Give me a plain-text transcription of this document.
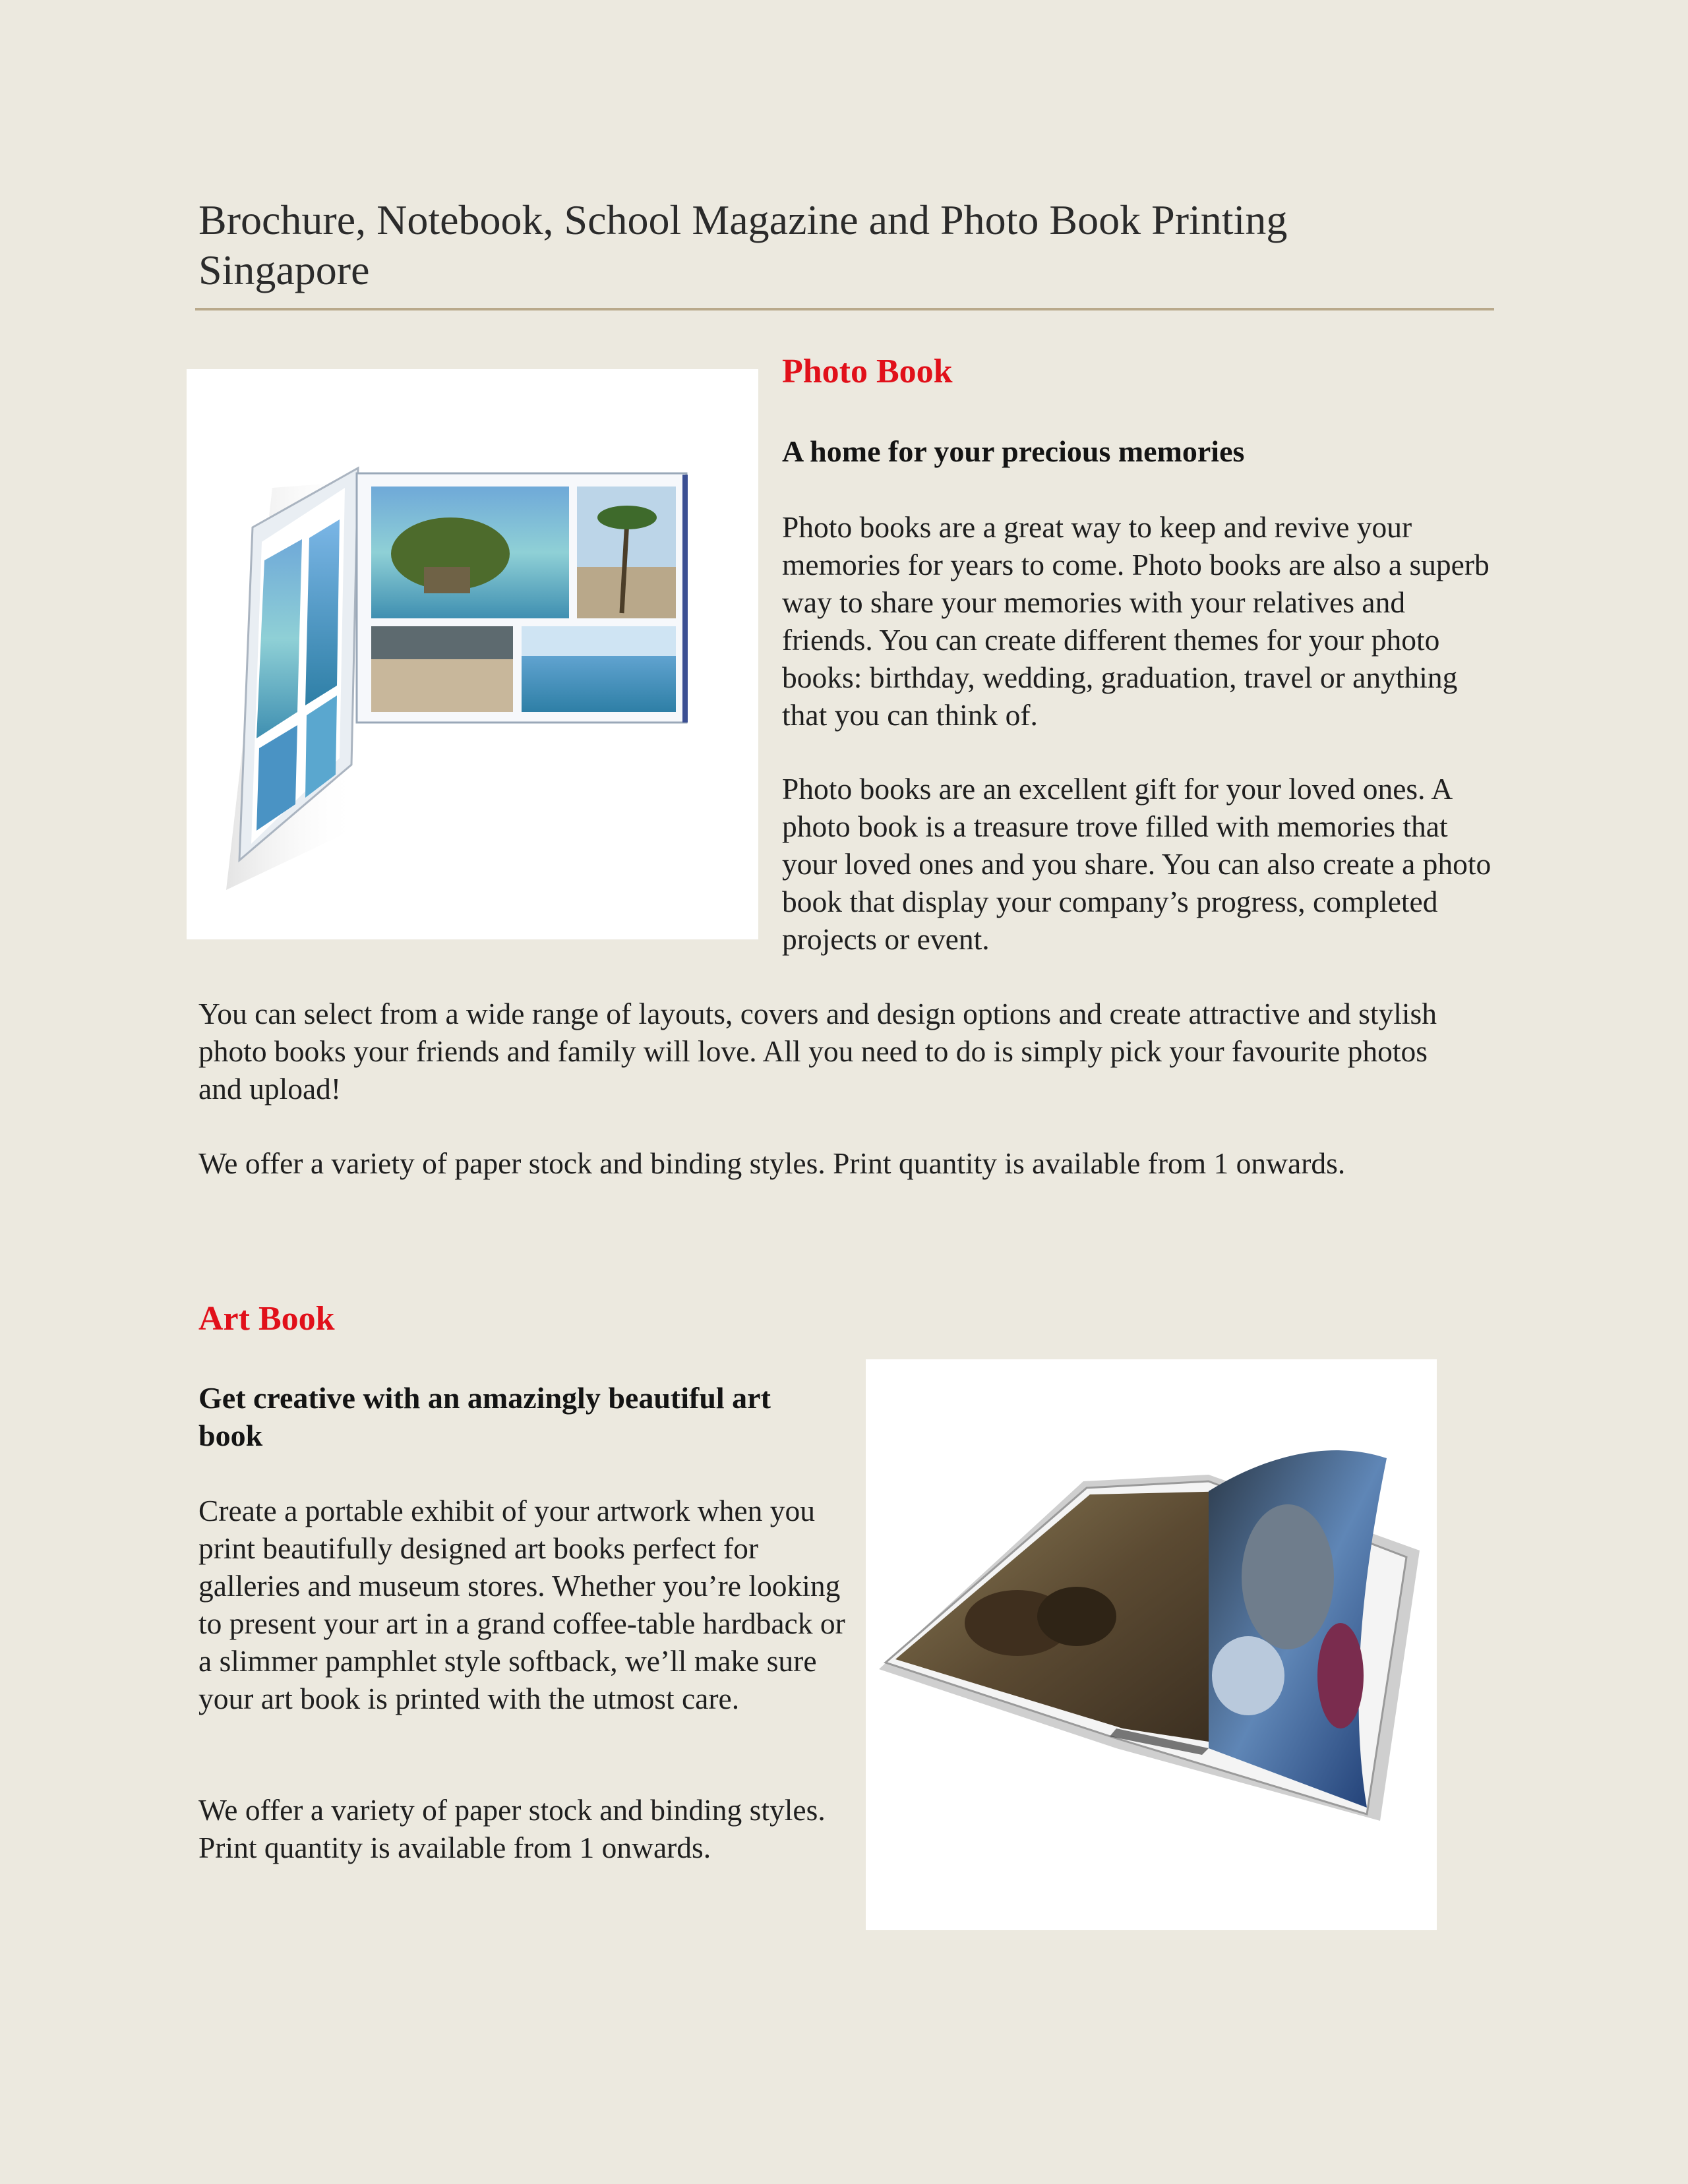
Brochure, Notebook, School Magazine and Photo Book Printing Singapore
Photo Book
A home for your precious memories

Photo books are a great way to keep and revive your memories for years to come. Photo books are also a superb way to share your memories with your relatives and friends. You can create different themes for your photo books: birthday, wedding, graduation, travel or anything that you can think of.

Photo books are an excellent gift for your loved ones. A photo book is a treasure trove filled with memories that your loved ones and you share. You can also create a photo book that display your company’s progress, completed projects or event.

You can select from a wide range of layouts, covers and design options and create attractive and stylish photo books your friends and family will love. All you need to do is simply pick your favourite photos and upload!

We offer a variety of paper stock and binding styles. Print quantity is available from 1 onwards.

Art Book
Get creative with an amazingly beautiful art book

Create a portable exhibit of your artwork when you print beautifully designed art books perfect for galleries and museum stores. Whether you’re looking to present your art in a grand coffee-table hardback or a slimmer pamphlet style softback, we’ll make sure your art book is printed with the utmost care.

We offer a variety of paper stock and binding styles. Print quantity is available from 1 onwards.
